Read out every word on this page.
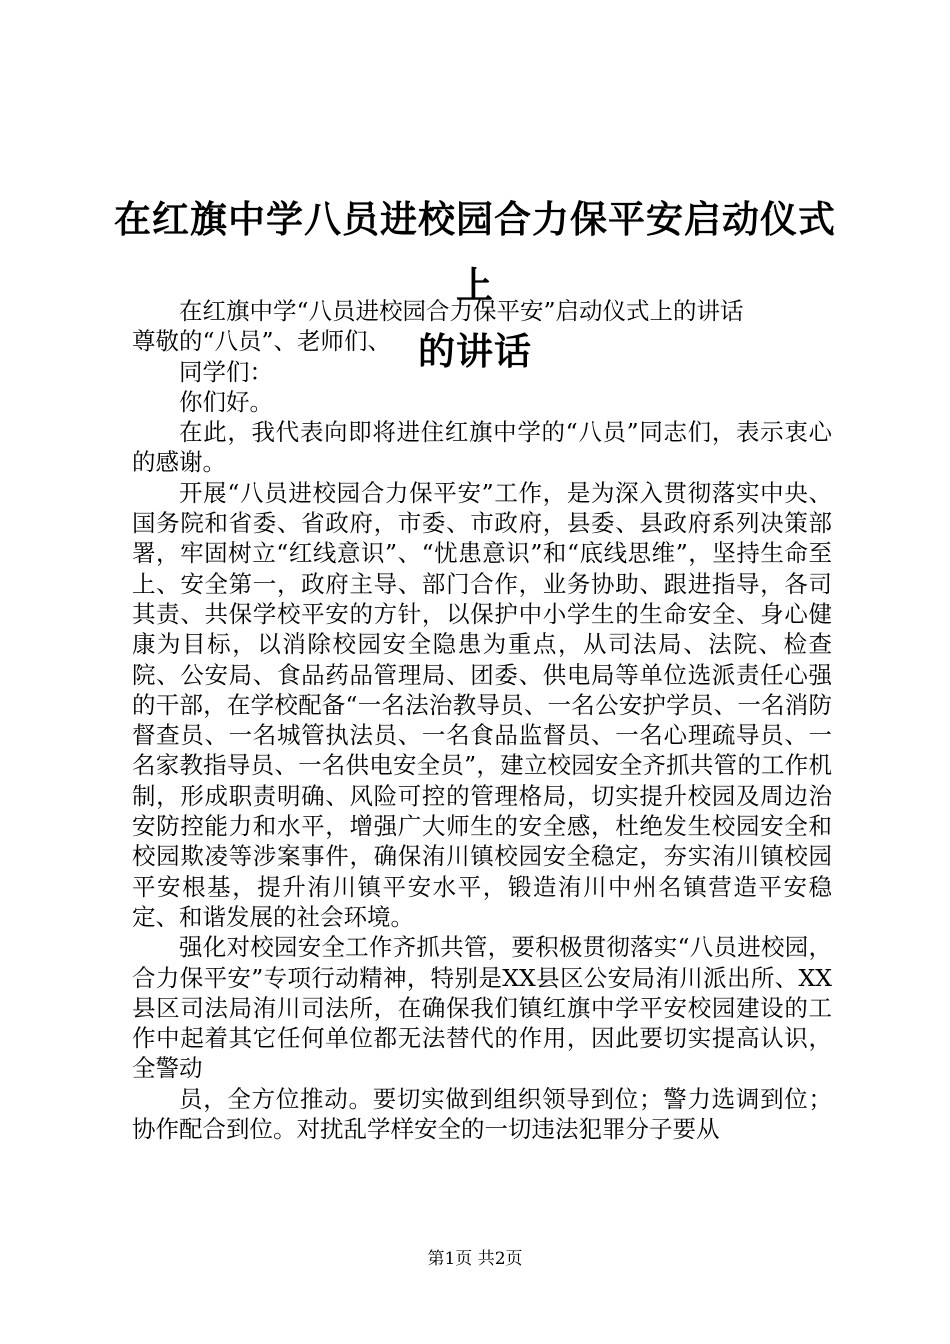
在红旗中学八员进校园合力保平安启动仪式上
的讲话

在红旗中学“八员进校园合力保平安”启动仪式上的讲话

尊敬的“八员”、老师们、

同学们：

你们好。

在此，我代表向即将进住红旗中学的“八员”同志们，表示衷心的感谢。

开展“八员进校园合力保平安”工作，是为深入贯彻落实中央、国务院和省委、省政府，市委、市政府，县委、县政府系列决策部署，牢固树立“红线意识”、“忧患意识”和“底线思维”，坚持生命至上、安全第一，政府主导、部门合作，业务协助、跟进指导，各司其责、共保学校平安的方针，以保护中小学生的生命安全、身心健康为目标，以消除校园安全隐患为重点，从司法局、法院、检查院、公安局、食品药品管理局、团委、供电局等单位选派责任心强的干部，在学校配备“一名法治教导员、一名公安护学员、一名消防督查员、一名城管执法员、一名食品监督员、一名心理疏导员、一名家教指导员、一名供电安全员”，建立校园安全齐抓共管的工作机制，形成职责明确、风险可控的管理格局，切实提升校园及周边治安防控能力和水平，增强广大师生的安全感，杜绝发生校园安全和校园欺凌等涉案事件，确保洧川镇校园安全稳定，夯实洧川镇校园平安根基，提升洧川镇平安水平，锻造洧川中州名镇营造平安稳定、和谐发展的社会环境。

强化对校园安全工作齐抓共管，要积极贯彻落实“八员进校园，合力保平安”专项行动精神，特别是XX县区公安局洧川派出所、XX县区司法局洧川司法所，在确保我们镇红旗中学平安校园建设的工作中起着其它任何单位都无法替代的作用，因此要切实提高认识，全警动

员，全方位推动。要切实做到组织领导到位；警力选调到位；协作配合到位。对扰乱学样安全的一切违法犯罪分子要从

第1页 共2页
